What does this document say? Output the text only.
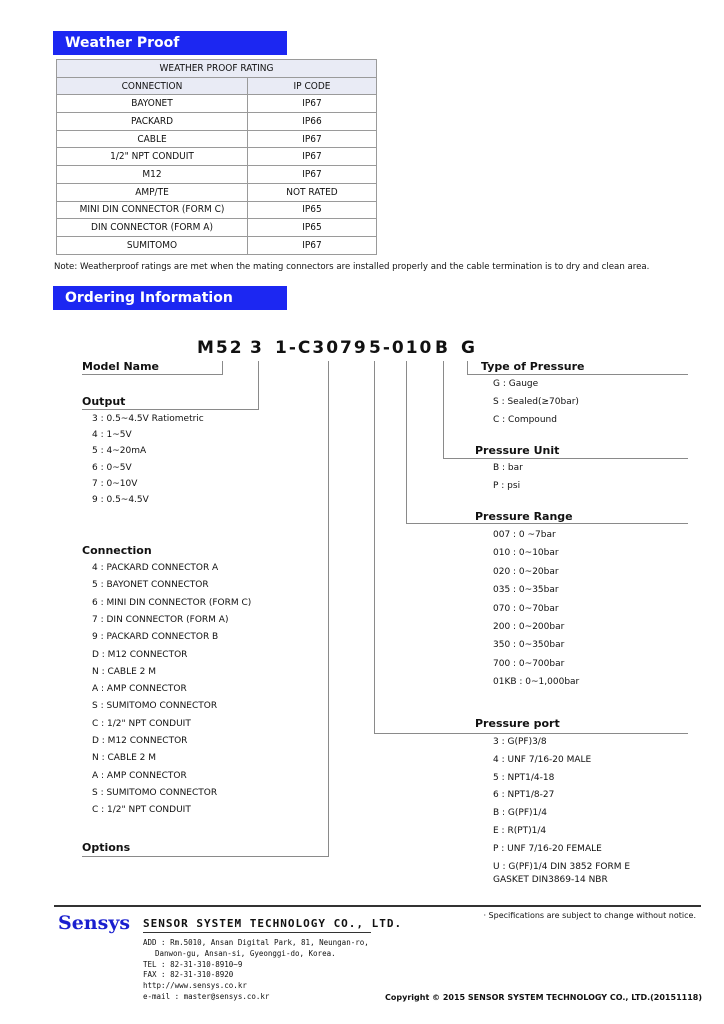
Weather Proof
WEATHER PROOF RATING	
CONNECTION	IP CODE
BAYONET	IP67
PACKARD	IP66
CABLE	IP67
1/2" NPT CONDUIT	IP67
M12	IP67
AMP/TE	NOT RATED
MINI DIN CONNECTOR (FORM C)	IP65
DIN CONNECTOR (FORM A)	IP65
SUMITOMO	IP67
Note: Weatherproof ratings are met when the mating connectors are installed properly and the cable termination is to dry and clean area.
Ordering Information
M52 3 1-C3079 5-010 B G
Model Name
Output
3 : 0.5~4.5V Ratiometric
4 : 1~5V
5 : 4~20mA
6 : 0~5V
7 : 0~10V
9 : 0.5~4.5V
Connection
4 : PACKARD CONNECTOR A
5 : BAYONET CONNECTOR
6 : MINI DIN CONNECTOR (FORM C)
7 : DIN CONNECTOR (FORM A)
9 : PACKARD CONNECTOR B
D : M12 CONNECTOR
N : CABLE 2 M
A : AMP CONNECTOR
S : SUMITOMO CONNECTOR
C : 1/2" NPT CONDUIT
D : M12 CONNECTOR
N : CABLE 2 M
A : AMP CONNECTOR
S : SUMITOMO CONNECTOR
C : 1/2" NPT CONDUIT
Options
Type of Pressure
G : Gauge
S : Sealed(≥70bar)
C : Compound
Pressure Unit
B : bar
P : psi
Pressure Range
007 : 0 ~7bar
010 : 0~10bar
020 : 0~20bar
035 : 0~35bar
070 : 0~70bar
200 : 0~200bar
350 : 0~350bar
700 : 0~700bar
01KB : 0~1,000bar
Pressure port
3 : G(PF)3/8
4 : UNF 7/16-20 MALE
5 : NPT1/4-18
6 : NPT1/8-27
B : G(PF)1/4
E : R(PT)1/4
P : UNF 7/16-20 FEMALE
U : G(PF)1/4 DIN 3852 FORM E
GASKET DIN3869-14 NBR
Sensys SENSOR SYSTEM TECHNOLOGY CO., LTD.
ADD : Rm.5010, Ansan Digital Park, 81, Neungan-ro,
Danwon-gu, Ansan-si, Gyeonggi-do, Korea.
TEL : 82-31-310-8910~9
FAX : 82-31-310-8920
http://www.sensys.co.kr
e-mail : master@sensys.co.kr
· Specifications are subject to change without notice.
Copyright © 2015 SENSOR SYSTEM TECHNOLOGY CO., LTD.(20151118)
